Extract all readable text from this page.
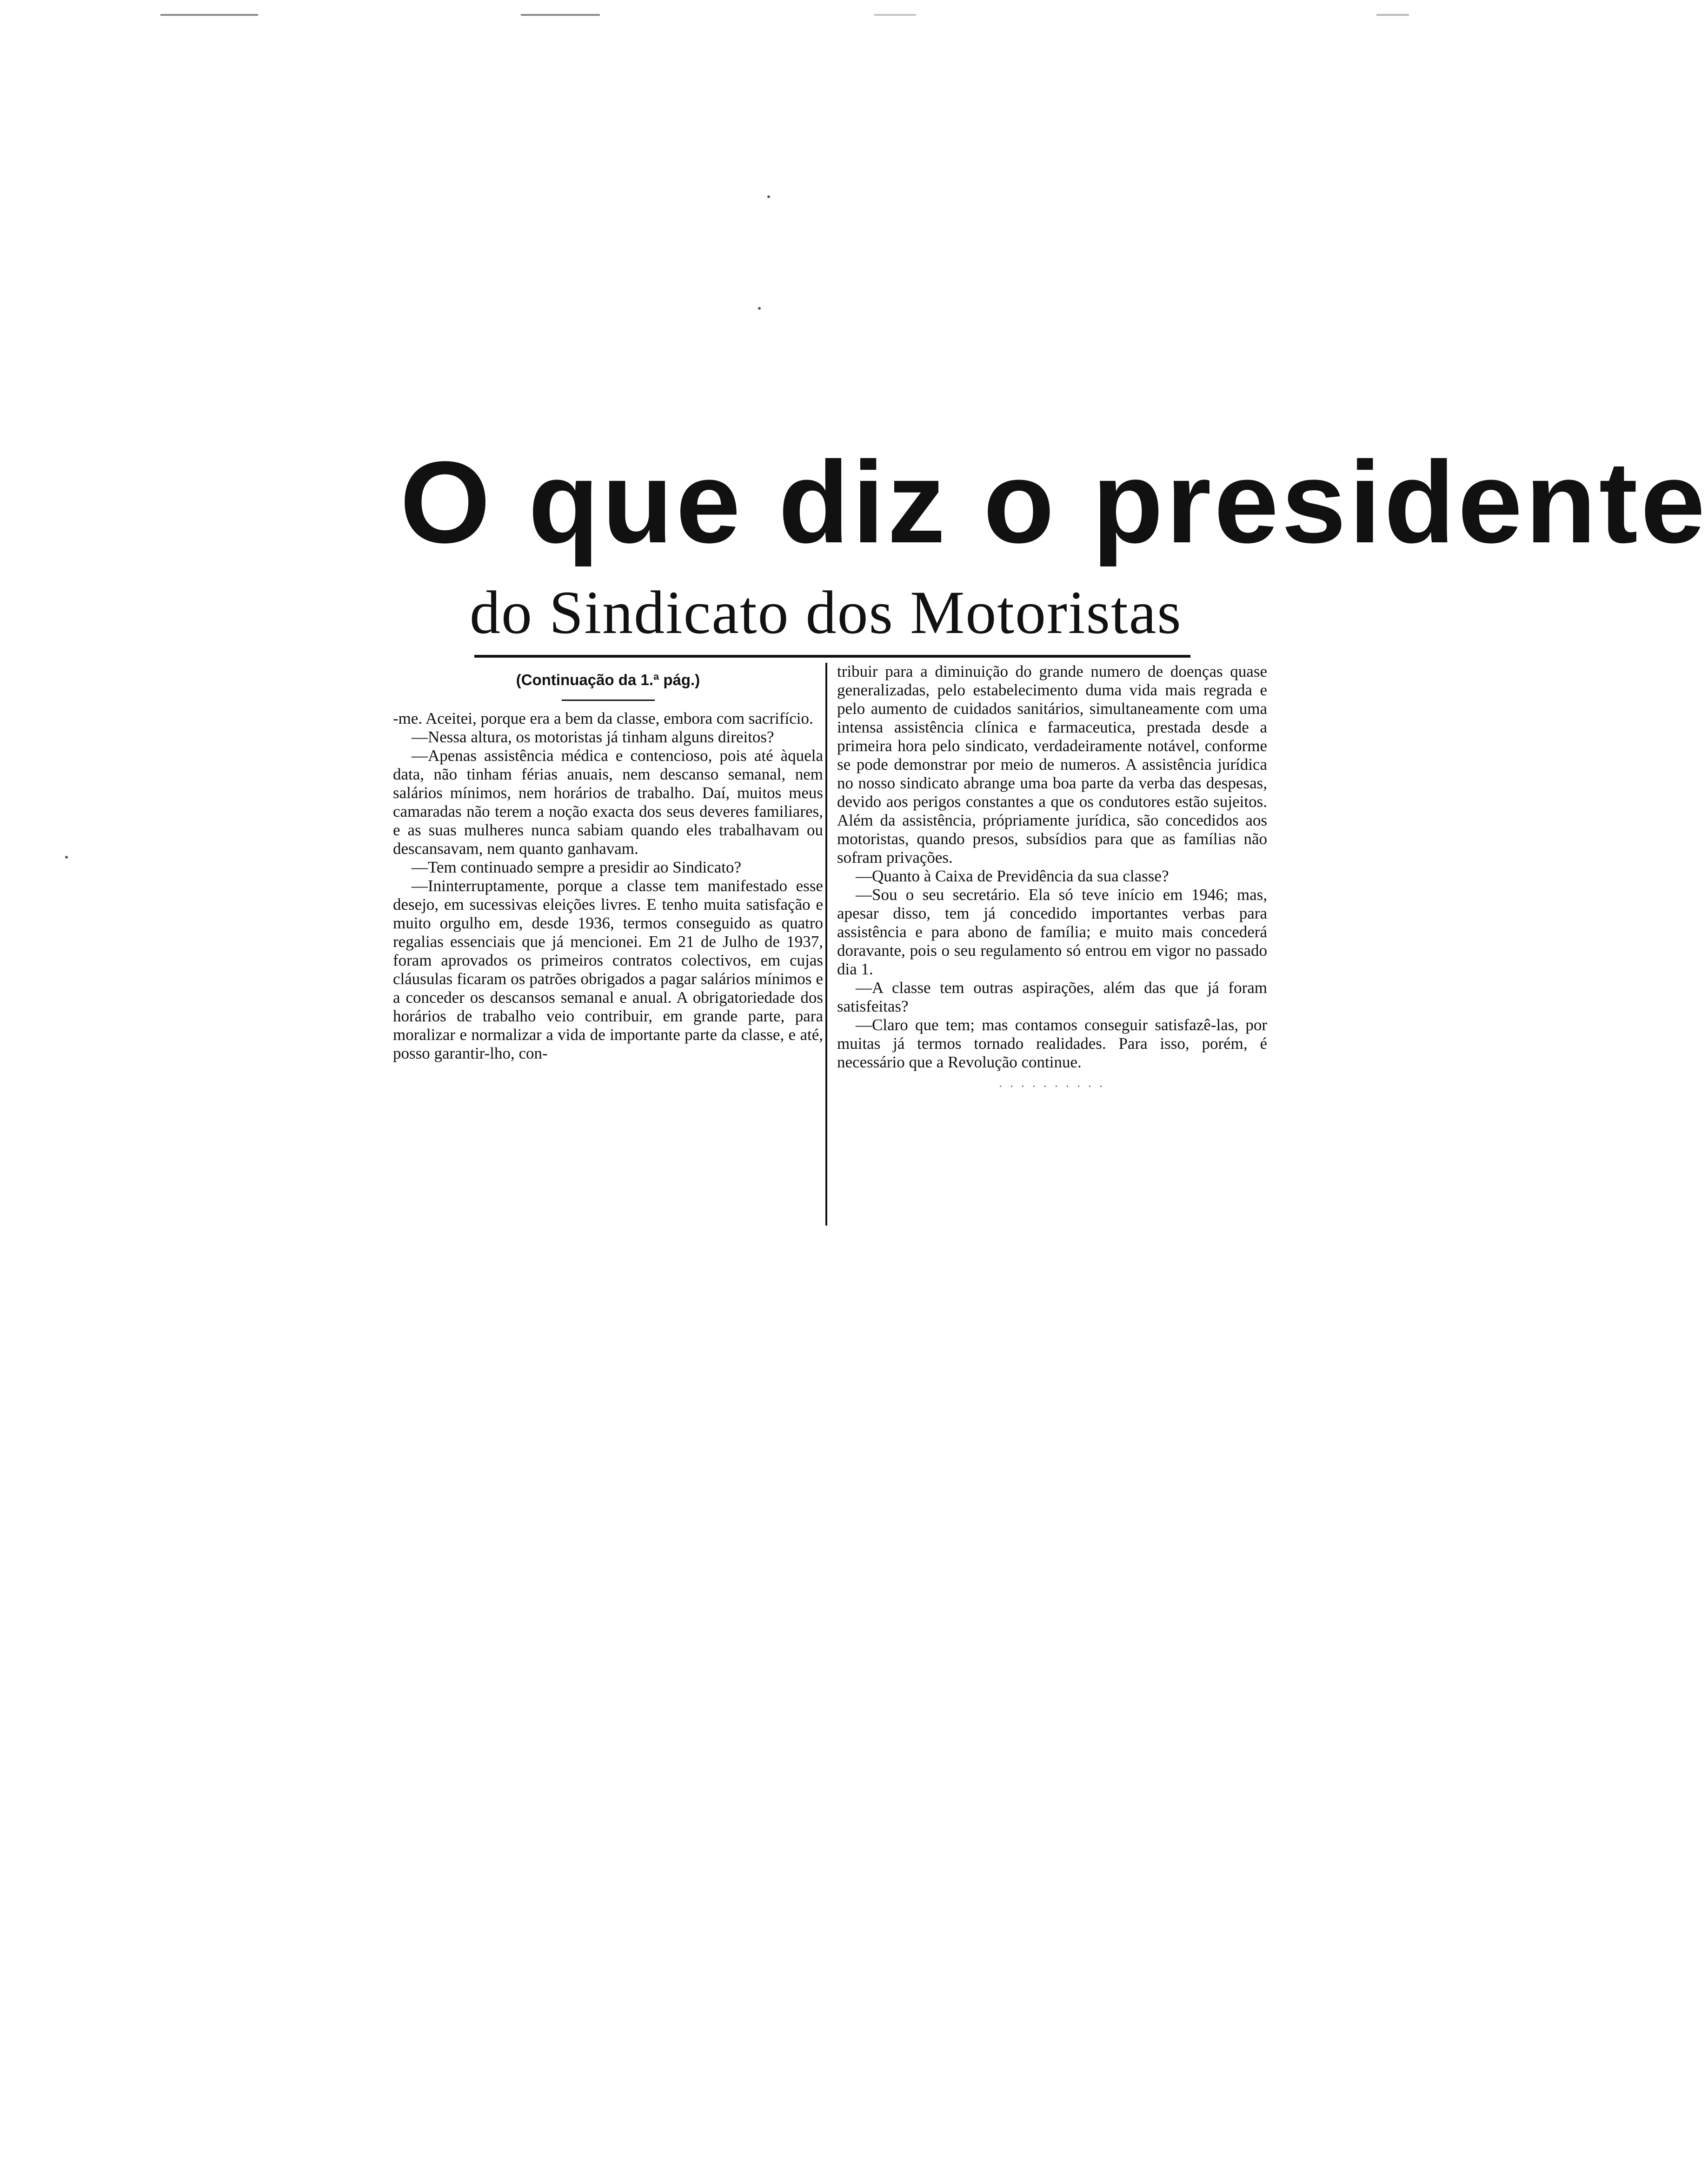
O que diz o presidente
do Sindicato dos Motoristas
(Continuação da 1.ª pág.)

-me. Aceitei, porque era a bem da classe, embora com sacrifício.

—Nessa altura, os motoristas já tinham alguns direitos?

—Apenas assistência médica e contencioso, pois até àquela data, não tinham férias anuais, nem descanso semanal, nem salários mínimos, nem horários de trabalho. Daí, muitos meus camaradas não terem a noção exacta dos seus deveres familiares, e as suas mulheres nunca sabiam quando eles trabalhavam ou descansavam, nem quanto ganhavam.

—Tem continuado sempre a presidir ao Sindicato?

—Ininterruptamente, porque a classe tem manifestado esse desejo, em sucessivas eleições livres. E tenho muita satisfação e muito orgulho em, desde 1936, termos conseguido as quatro regalias essenciais que já mencionei. Em 21 de Julho de 1937, foram aprovados os primeiros contratos colectivos, em cujas cláusulas ficaram os patrões obrigados a pagar salários mínimos e a conceder os descansos semanal e anual. A obrigatoriedade dos horários de trabalho veio contribuir, em grande parte, para moralizar e normalizar a vida de importante parte da classe, e até, posso garantir-lho, con-

tribuir para a diminuição do grande numero de doenças quase generalizadas, pelo estabelecimento duma vida mais regrada e pelo aumento de cuidados sanitários, simultaneamente com uma intensa assistência clínica e farmaceutica, prestada desde a primeira hora pelo sindicato, verdadeiramente notável, conforme se pode demonstrar por meio de numeros. A assistência jurídica no nosso sindicato abrange uma boa parte da verba das despesas, devido aos perigos constantes a que os condutores estão sujeitos. Além da assistência, própriamente jurídica, são concedidos aos motoristas, quando presos, subsídios para que as famílias não sofram privações.

—Quanto à Caixa de Previdência da sua classe?

—Sou o seu secretário. Ela só teve início em 1946; mas, apesar disso, tem já concedido importantes verbas para assistência e para abono de família; e muito mais concederá doravante, pois o seu regulamento só entrou em vigor no passado dia 1.

—A classe tem outras aspirações, além das que já foram satisfeitas?

—Claro que tem; mas contamos conseguir satisfazê-las, por muitas já termos tornado realidades. Para isso, porém, é necessário que a Revolução continue.

. . . . . . . . . .
